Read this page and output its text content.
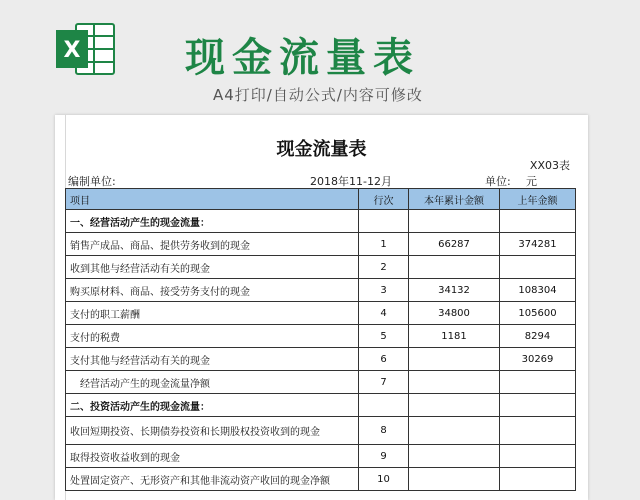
X	现金流量表
A4打印/自动公式/内容可修改
现金流量表
XX03表
编制单位:	2018年11-12月	单位: 元
项目	行次	本年累计金额	上年金额
一、经营活动产生的现金流量：			
销售产成品、商品、提供劳务收到的现金	1	66287	374281
收到其他与经营活动有关的现金	2		
购买原材料、商品、接受劳务支付的现金	3	34132	108304
支付的职工薪酬	4	34800	105600
支付的税费	5	1181	8294
支付其他与经营活动有关的现金	6		30269
经营活动产生的现金流量净额	7		
二、投资活动产生的现金流量：			
收回短期投资、长期债券投资和长期股权投资收到的现金	8		
取得投资收益收到的现金	9		
处置固定资产、无形资产和其他非流动资产收回的现金净额	10		
